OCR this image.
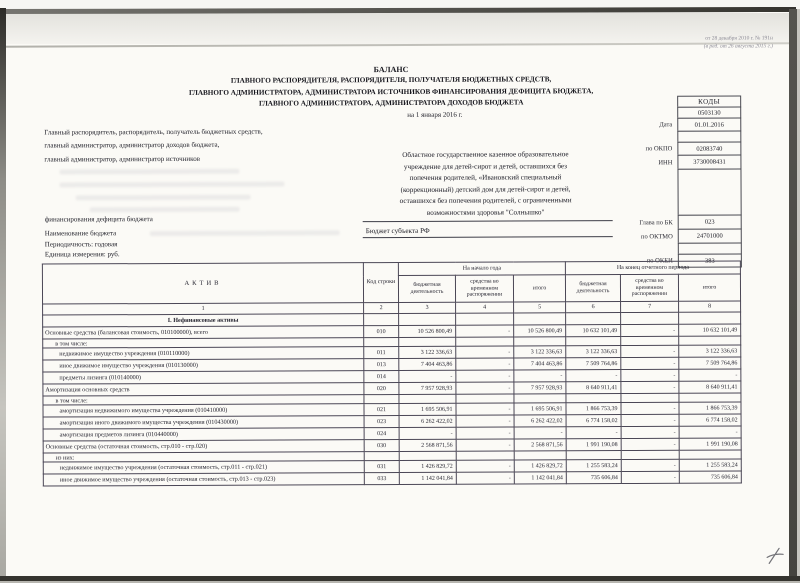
от 28 декабря 2010 г. № 191н
(в ред. от 26 августа 2015 г.)
БАЛАНС
ГЛАВНОГО РАСПОРЯДИТЕЛЯ, РАСПОРЯДИТЕЛЯ, ПОЛУЧАТЕЛЯ БЮДЖЕТНЫХ СРЕДСТВ,
ГЛАВНОГО АДМИНИСТРАТОРА, АДМИНИСТРАТОРА ИСТОЧНИКОВ ФИНАНСИРОВАНИЯ ДЕФИЦИТА БЮДЖЕТА,
ГЛАВНОГО АДМИНИСТРАТОРА, АДМИНИСТРАТОРА ДОХОДОВ БЮДЖЕТА
на 1 января 2016 г.
Главный распорядитель, распорядитель, получатель бюджетных средств,
главный администратор, администратор доходов бюджета,
главный администратор, администратор источников
финансирования дефицита бюджета
Наименование бюджета
Периодичность: годовая
Единица измерения: руб.
Областное государственное казенное образовательное
учреждение для детей-сирот и детей, оставшихся без
попечения родителей, «Ивановский специальный
(коррекционный) детский дом для детей-сирот и детей,
оставшихся без попечения родителей, с ограниченными
возможностями здоровья "Солнышко"
Бюджет субъекта РФ
КОДЫ
0503130
Дата	01.01.2016
по ОКПО	02083740
ИНН	3730008431
Глава по БК	023
по ОКТМО	24701000
по ОКЕИ	383
АКТИВ	Код строки	На начало года			На конец отчетного периода		
		бюджетная деятельность	средства во временном распоряжении	итого	бюджетная деятельность	средства во временном распоряжении	итого
1	2	3	4	5	6	7	8
I. Нефинансовые активы							
Основные средства (балансовая стоимость, 010100000), всего	010	10 526 800,49	-	10 526 800,49	10 632 101,49	-	10 632 101,49
в том числе:							
недвижимое имущество учреждения (010110000)	011	3 122 336,63	-	3 122 336,63	3 122 336,63	-	3 122 336,63
иное движимое имущество учреждения (010130000)	013	7 404 463,86	-	7 404 463,86	7 509 764,86	-	7 509 764,86
предметы лизинга (010140000)	014	-	-	-	-	-	-
Амортизация основных средств	020	7 957 928,93	-	7 957 928,93	8 640 911,41	-	8 640 911,41
в том числе:							
амортизация недвижимого имущества учреждения (010410000)	021	1 695 506,91	-	1 695 506,91	1 866 753,39	-	1 866 753,39
амортизация иного движимого имущества учреждения (010430000)	023	6 262 422,02	-	6 262 422,02	6 774 158,02	-	6 774 158,02
амортизация предметов лизинга (010440000)	024	-	-	-	-	-	-
Основные средства (остаточная стоимость, стр.010 - стр.020)	030	2 568 871,56	-	2 568 871,56	1 991 190,08	-	1 991 190,08
из них:							
недвижимое имущество учреждения (остаточная стоимость, стр.011 - стр.021)	031	1 426 829,72	-	1 426 829,72	1 255 583,24	-	1 255 583,24
иное движимое имущество учреждения (остаточная стоимость, стр.013 - стр.023)	033	1 142 041,84	-	1 142 041,84	735 606,84	-	735 606,84
